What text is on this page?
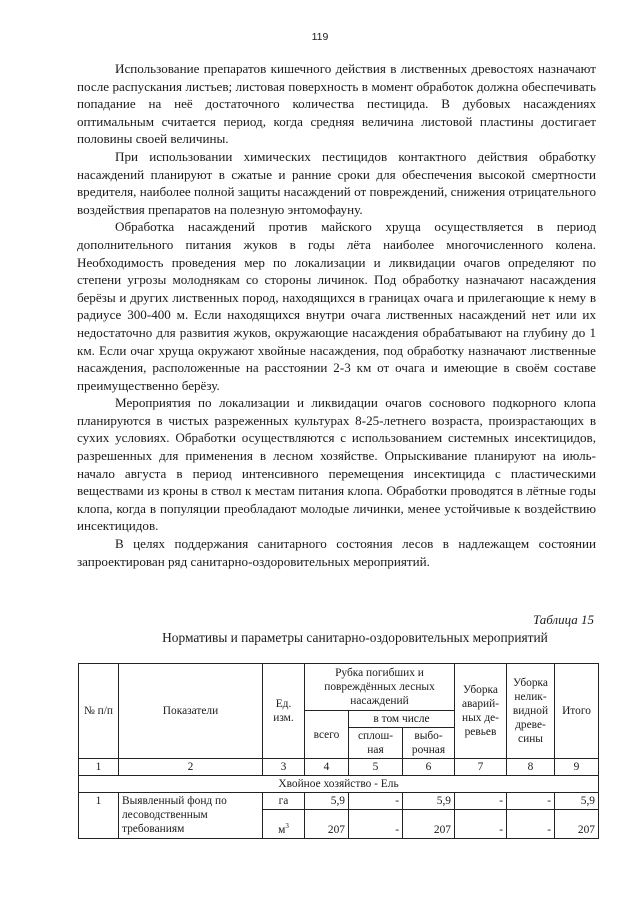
119

Использование препаратов кишечного действия в лиственных древостоях назначают после распускания листьев; листовая поверхность в момент обработок должна обеспечивать попадание на неё достаточного количества пестицида. В дубовых насаждениях оптимальным считается период, когда средняя величина листовой пластины достигает половины своей величины.

При использовании химических пестицидов контактного действия обработку насаждений планируют в сжатые и ранние сроки для обеспечения высокой смертности вредителя, наиболее полной защиты насаждений от повреждений, снижения отрицательного воздействия препаратов на полезную энтомофауну.

Обработка насаждений против майского хруща осуществляется в период дополнительного питания жуков в годы лёта наиболее многочисленного колена. Необходимость проведения мер по локализации и ликвидации очагов определяют по степени угрозы молоднякам со стороны личинок. Под обработку назначают насаждения берёзы и других лиственных пород, находящихся в границах очага и прилегающие к нему в радиусе 300-400 м. Если находящихся внутри очага лиственных насаждений нет или их недостаточно для развития жуков, окружающие насаждения обрабатывают на глубину до 1 км. Если очаг хруща окружают хвойные насаждения, под обработку назначают лиственные насаждения, расположенные на расстоянии 2-3 км от очага и имеющие в своём составе преимущественно берёзу.

Мероприятия по локализации и ликвидации очагов соснового подкорного клопа планируются в чистых разреженных культурах 8-25-летнего возраста, произрастающих в сухих условиях. Обработки осуществляются с использованием системных инсектицидов, разрешенных для применения в лесном хозяйстве. Опрыскивание планируют на июль-начало августа в период интенсивного перемещения инсектицида с пластическими веществами из кроны в ствол к местам питания клопа. Обработки проводятся в лётные годы клопа, когда в популяции преобладают молодые личинки, менее устойчивые к воздействию инсектицидов.

В целях поддержания санитарного состояния лесов в надлежащем состоянии запроектирован ряд санитарно-оздоровительных мероприятий.

Таблица 15
Нормативы и параметры санитарно-оздоровительных мероприятий
№ п/п	Показатели	Ед. изм.	Рубка погибших и повреждённых лесных насаждений			Уборка аварий-ных де-ревьев	Уборка нелик-видной древе-сины	Итого
			всего	в том числе				
				сплош-ная	выбо-рочная			
1	2	3	4	5	6	7	8	9
Хвойное хозяйство - Ель								
1	Выявленный фонд по лесоводственным требованиям	га	5,9	-	5,9	-	-	5,9
		$м^3$	207	-	207	-	-	207
